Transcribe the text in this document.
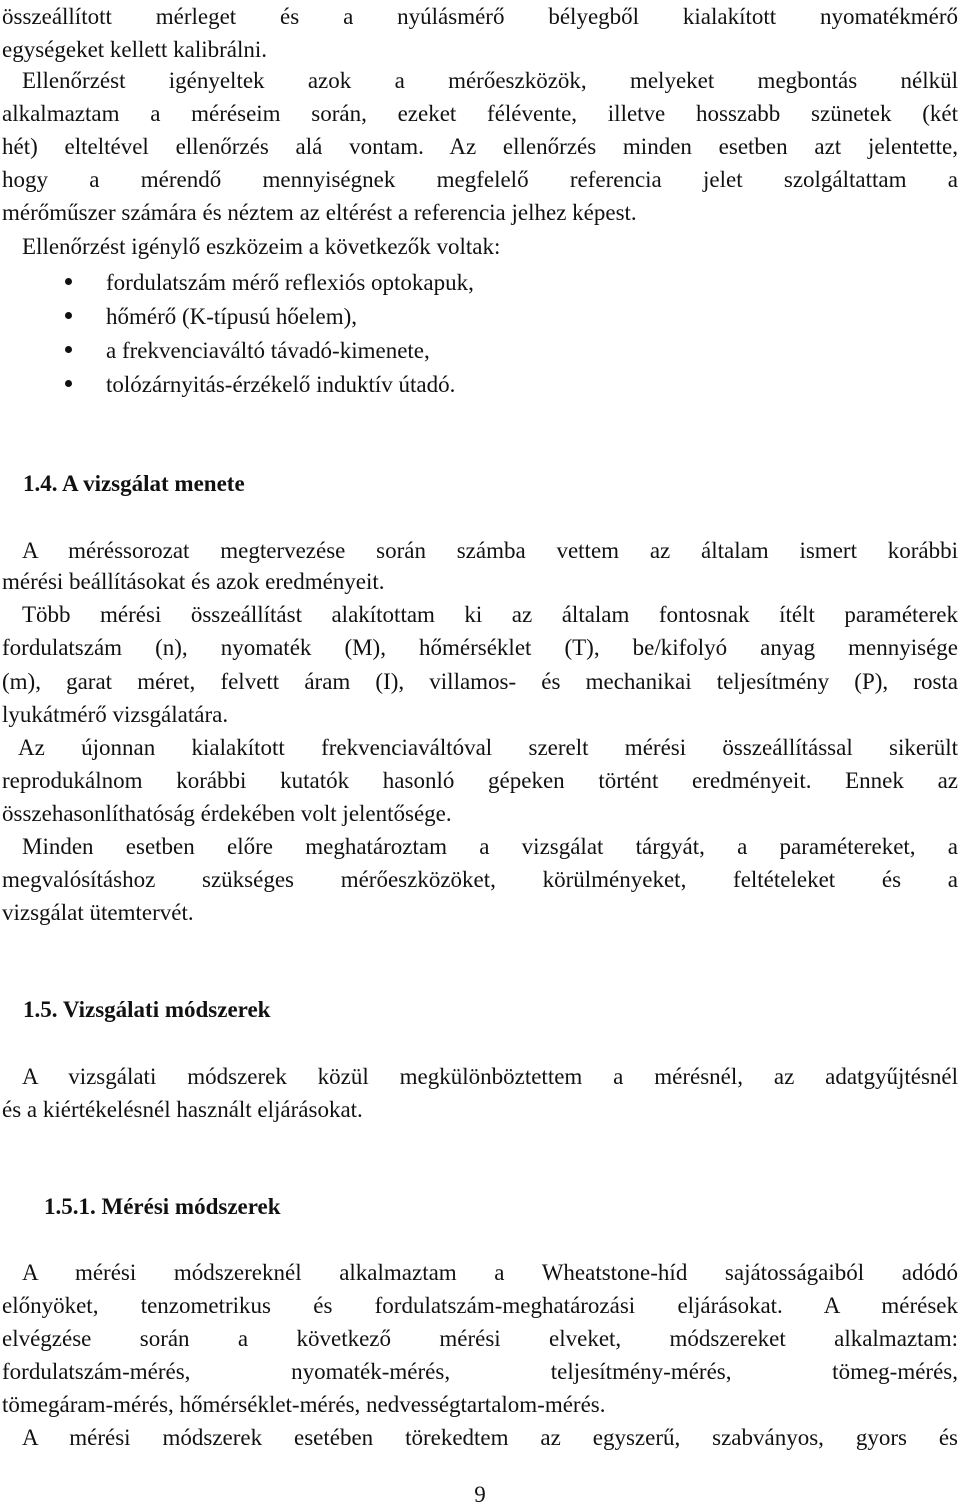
összeállított mérleget és a nyúlásmérő bélyegből kialakított nyomatékmérő
egységeket kellett kalibrálni.
Ellenőrzést igényeltek azok a mérőeszközök, melyeket megbontás nélkül
alkalmaztam a méréseim során, ezeket félévente, illetve hosszabb szünetek (két
hét) elteltével ellenőrzés alá vontam. Az ellenőrzés minden esetben azt jelentette,
hogy a mérendő mennyiségnek megfelelő referencia jelet szolgáltattam a
mérőműszer számára és néztem az eltérést a referencia jelhez képest.
Ellenőrzést igénylő eszközeim a következők voltak:
fordulatszám mérő reflexiós optokapuk,
hőmérő (K-típusú hőelem),
a frekvenciaváltó távadó-kimenete,
tolózárnyitás-érzékelő induktív útadó.
1.4. A vizsgálat menete
A méréssorozat megtervezése során számba vettem az általam ismert korábbi
mérési beállításokat és azok eredményeit.
Több mérési összeállítást alakítottam ki az általam fontosnak ítélt paraméterek
fordulatszám (n), nyomaték (M), hőmérséklet (T), be/kifolyó anyag mennyisége
(m), garat méret, felvett áram (I), villamos- és mechanikai teljesítmény (P), rosta
lyukátmérő vizsgálatára.
Az újonnan kialakított frekvenciaváltóval szerelt mérési összeállítással sikerült
reprodukálnom korábbi kutatók hasonló gépeken történt eredményeit. Ennek az
összehasonlíthatóság érdekében volt jelentősége.
Minden esetben előre meghatároztam a vizsgálat tárgyát, a paramétereket, a
megvalósításhoz szükséges mérőeszközöket, körülményeket, feltételeket és a
vizsgálat ütemtervét.
1.5. Vizsgálati módszerek
A vizsgálati módszerek közül megkülönböztettem a mérésnél, az adatgyűjtésnél
és a kiértékelésnél használt eljárásokat.
1.5.1. Mérési módszerek
A mérési módszereknél alkalmaztam a Wheatstone-híd sajátosságaiból adódó
előnyöket, tenzometrikus és fordulatszám-meghatározási eljárásokat. A mérések
elvégzése során a következő mérési elveket, módszereket alkalmaztam:
fordulatszám-mérés, nyomaték-mérés, teljesítmény-mérés, tömeg-mérés,
tömegáram-mérés, hőmérséklet-mérés, nedvességtartalom-mérés.
A mérési módszerek esetében törekedtem az egyszerű, szabványos, gyors és
9
